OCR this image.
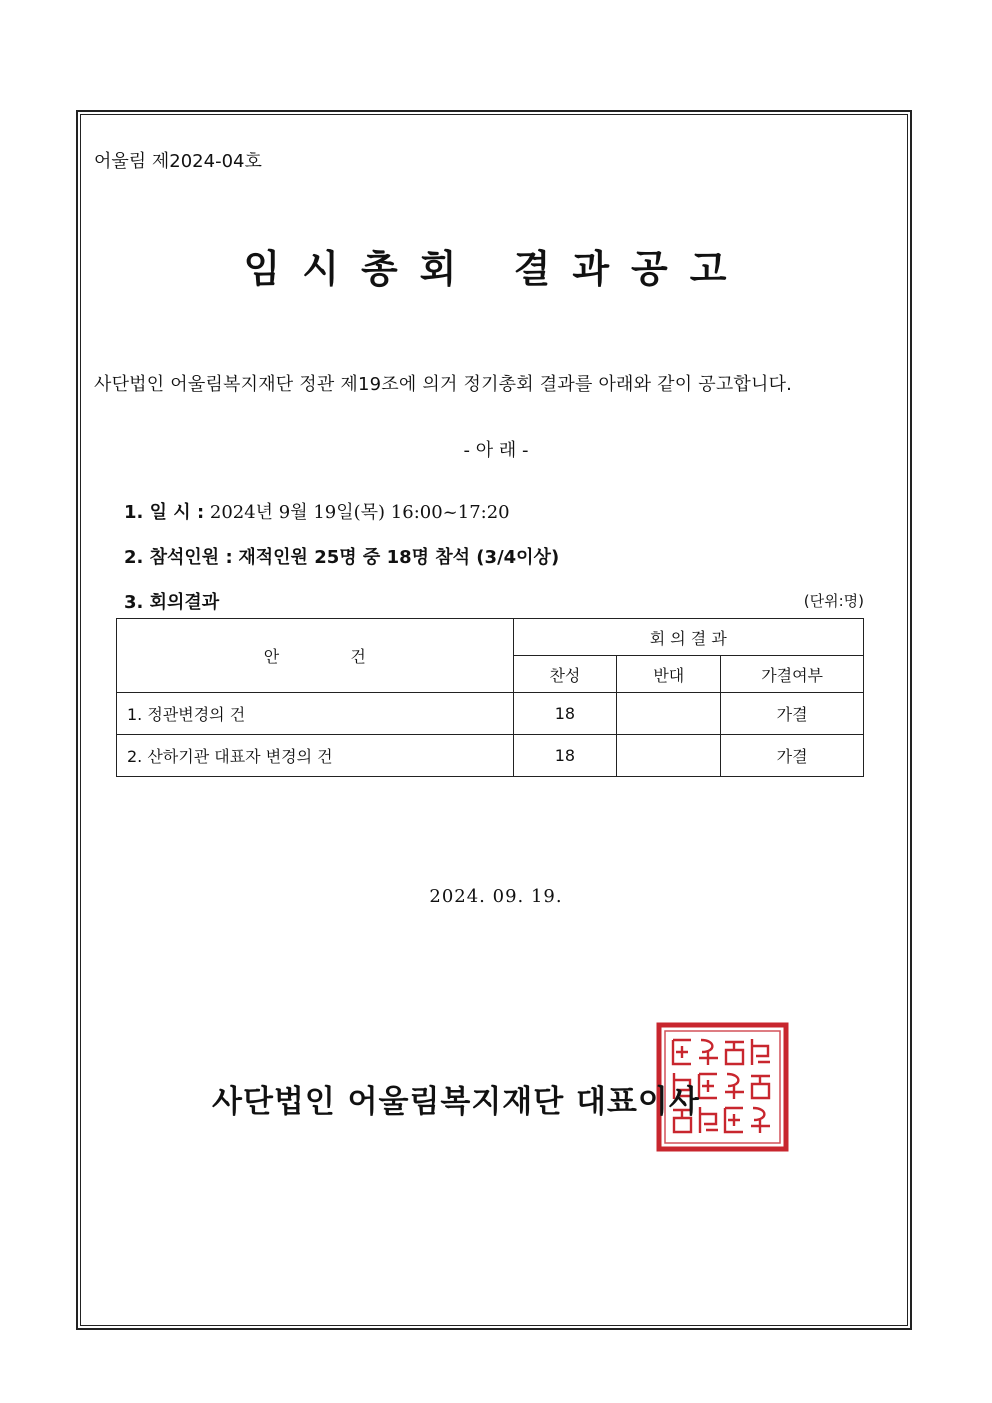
어울림 제2024-04호
임시총회 결과공고
사단법인 어울림복지재단 정관 제19조에 의거 정기총회 결과를 아래와 같이 공고합니다.
- 아 래 -
1. 일 시 : 2024년 9월 19일(목) 16:00~17:20
2. 참석인원 : 재적인원 25명 중 18명 참석 (3/4이상)
3. 회의결과	(단위:명)
안              건	회 의 결 과		
	찬성	반대	가결여부
1. 정관변경의 건	18		가결
2. 산하기관 대표자 변경의 건	18		가결
2024. 09. 19.
사단법인 어울림복지재단 대표이사
